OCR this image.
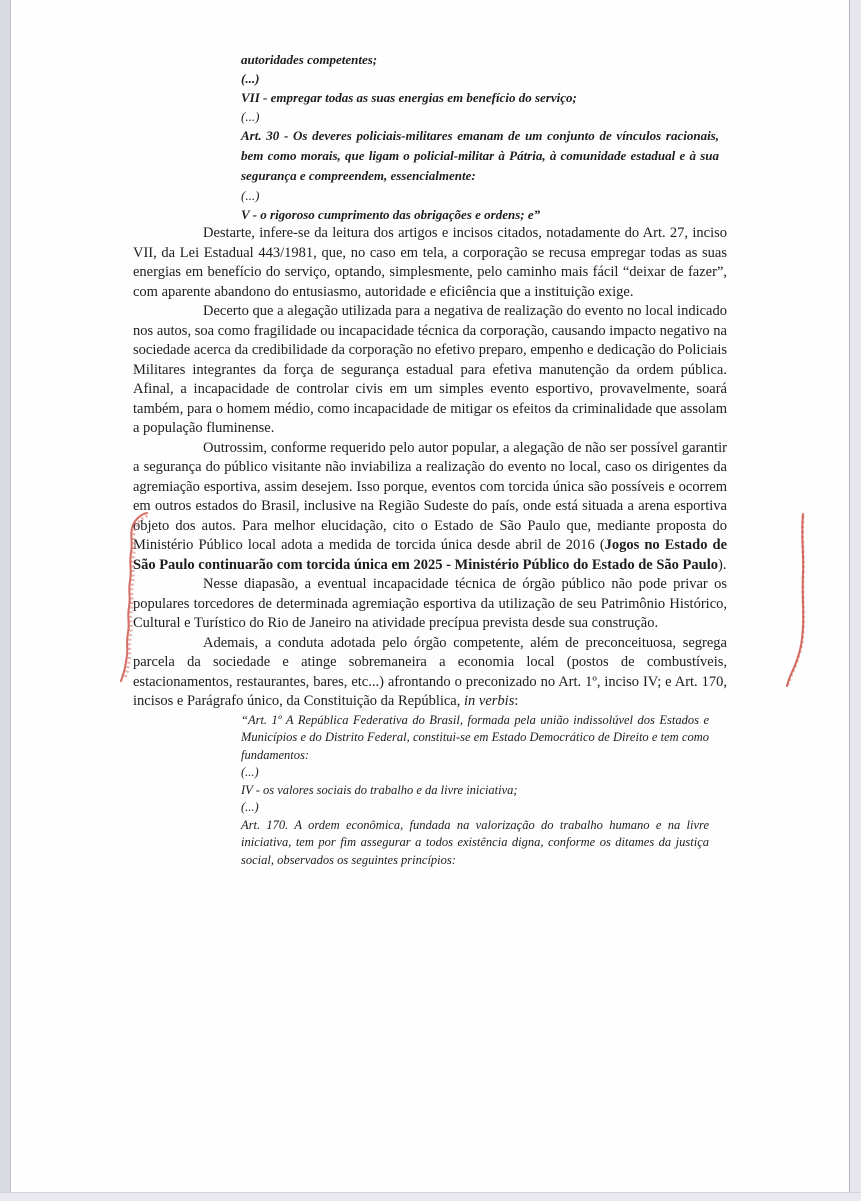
autoridades competentes;

(...)

VII - empregar todas as suas energias em benefício do serviço;

(...)

Art. 30 - Os deveres policiais-militares emanam de um conjunto de vínculos racionais, bem como morais, que ligam o policial-militar à Pátria, à comunidade estadual e à sua segurança e compreendem, essencialmente:

(...)

V - o rigoroso cumprimento das obrigações e ordens; e”

Destarte, infere-se da leitura dos artigos e incisos citados, notadamente do Art. 27, inciso VII, da Lei Estadual 443/1981, que, no caso em tela, a corporação se recusa empregar todas as suas energias em benefício do serviço, optando, simplesmente, pelo caminho mais fácil “deixar de fazer”, com aparente abandono do entusiasmo, autoridade e eficiência que a instituição exige.

Decerto que a alegação utilizada para a negativa de realização do evento no local indicado nos autos, soa como fragilidade ou incapacidade técnica da corporação, causando impacto negativo na sociedade acerca da credibilidade da corporação no efetivo preparo, empenho e dedicação do Policiais Militares integrantes da força de segurança estadual para efetiva manutenção da ordem pública. Afinal, a incapacidade de controlar civis em um simples evento esportivo, provavelmente, soará também, para o homem médio, como incapacidade de mitigar os efeitos da criminalidade que assolam a população fluminense.

Outrossim, conforme requerido pelo autor popular, a alegação de não ser possível garantir a segurança do público visitante não inviabiliza a realização do evento no local, caso os dirigentes da agremiação esportiva, assim desejem. Isso porque, eventos com torcida única são possíveis e ocorrem em outros estados do Brasil, inclusive na Região Sudeste do país, onde está situada a arena esportiva objeto dos autos. Para melhor elucidação, cito o Estado de São Paulo que, mediante proposta do Ministério Público local adota a medida de torcida única desde abril de 2016 (Jogos no Estado de São Paulo continuarão com torcida única em 2025 - Ministério Público do Estado de São Paulo).

Nesse diapasão, a eventual incapacidade técnica de órgão público não pode privar os populares torcedores de determinada agremiação esportiva da utilização de seu Patrimônio Histórico, Cultural e Turístico do Rio de Janeiro na atividade precípua prevista desde sua construção.

Ademais, a conduta adotada pelo órgão competente, além de preconceituosa, segrega parcela da sociedade e atinge sobremaneira a economia local (postos de combustíveis, estacionamentos, restaurantes, bares, etc...) afrontando o preconizado no Art. 1º, inciso IV; e Art. 170, incisos e Parágrafo único, da Constituição da República, in verbis:

“Art. 1º A República Federativa do Brasil, formada pela união indissolúvel dos Estados e Municípios e do Distrito Federal, constitui-se em Estado Democrático de Direito e tem como fundamentos:

(...)

IV - os valores sociais do trabalho e da livre iniciativa;

(...)

Art. 170. A ordem econômica, fundada na valorização do trabalho humano e na livre iniciativa, tem por fim assegurar a todos existência digna, conforme os ditames da justiça social, observados os seguintes princípios:
